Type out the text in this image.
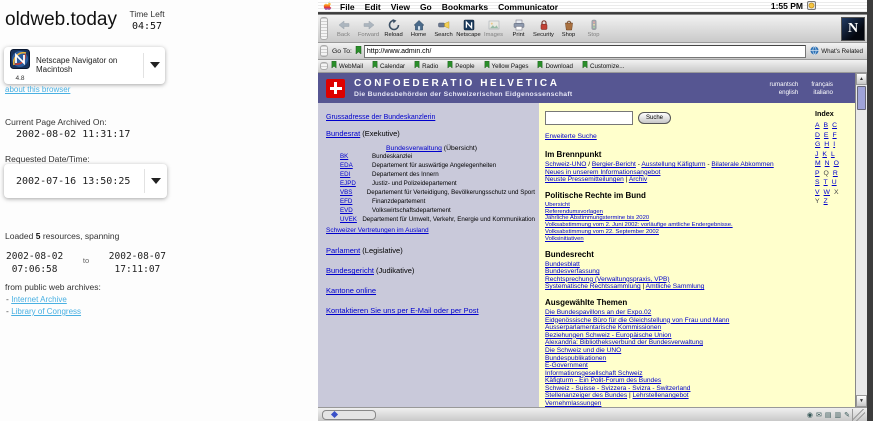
oldweb.today	Time Left
04:57
4.8
Netscape Navigator on Macintosh
about this browser
Current Page Archived On:
2002-08-02 11:31:17
Requested Date/Time:
2002-07-16 13:50:25
Loaded 5 resources, spanning
2002-08-02
07:06:58
to 2002-08-07
17:11:07
from public web archives:
- Internet Archive
- Library of Congress
File Edit View Go Bookmarks Communicator	1:55 PM
Back Forward Reload Home Search Netscape Images Print Security Shop Stop	N
Go To:
http://www.admin.ch/	What's Related
WebMail	Calendar	Radio	People	Yellow Pages	Download	Customize...
CONFOEDERATIO HELVETICA
Die Bundesbehörden der Schweizerischen Eidgenossenschaft
rumantsch français
english	italiano
Grussadresse der Bundeskanzlerin
Bundesrat (Exekutive)
Bundesverwaltung (Übersicht)
BK	Bundeskanzlei
EDA	Departement für auswärtige Angelegenheiten
EDI	Departement des Innern
EJPD	Justiz- und Polizeidepartement
VBS	Departement für Verteidigung, Bevölkerungsschutz und Sport
EFD	Finanzdepartement
EVD	Volkswirtschaftsdepartement
UVEK Departement für Umwelt, Verkehr, Energie und Kommunikation
Schweizer Vertretungen im Ausland
Parlament (Legislative)
Bundesgericht (Judikative)
Kantone online
Kontaktieren Sie uns per E-Mail oder per Post
Suche
Erweiterte Suche
Im Brennpunkt
Schweiz-UNO / Bergier-Bericht - Ausstellung Käfigturm - Bilaterale Abkommen
Neues in unserem Informationsangebot
Neuste Pressemitteilungen | Archiv
Politische Rechte im Bund
Übersicht
Referendumsvorlagen
Jährliche Abstimmungstermine bis 2020
Volksabstimmung vom 2. Juni 2002: vorläufige amtliche Endergebnisse.
Volksabstimmung vom 22. September 2002
Volksinitiativen
Bundesrecht
Bundesblatt
Bundesverfassung
Rechtsprechung (Verwaltungspraxis, VPB)
Systematische Rechtssammlung | Amtliche Sammlung
Ausgewählte Themen
Die Bundespavillons an der Expo.02
Eidgenössische Büro für die Gleichstellung von Frau und Mann
Ausserparlamentarische Kommissionen
Beziehungen Schweiz - Europäische Union
Alexandria: Bibliotheksverbund der Bundesverwaltung
Die Schweiz und die UNO
Bundespublikationen
E-Government
Informationsgesellschaft Schweiz
Käfigturm - Ein Polit-Forum des Bundes
Schweiz - Suisse - Svizzera - Svizra - Switzerland
Stellenanzeiger des Bundes | Lehrstellenangebot
Vernehmlassungen
Index
A B C
D E F
G H I
J K L
M N O
P Q R
S T U
V W X
Y Z
▲
▼
◉ ✉ ▤ ▥ ✎
